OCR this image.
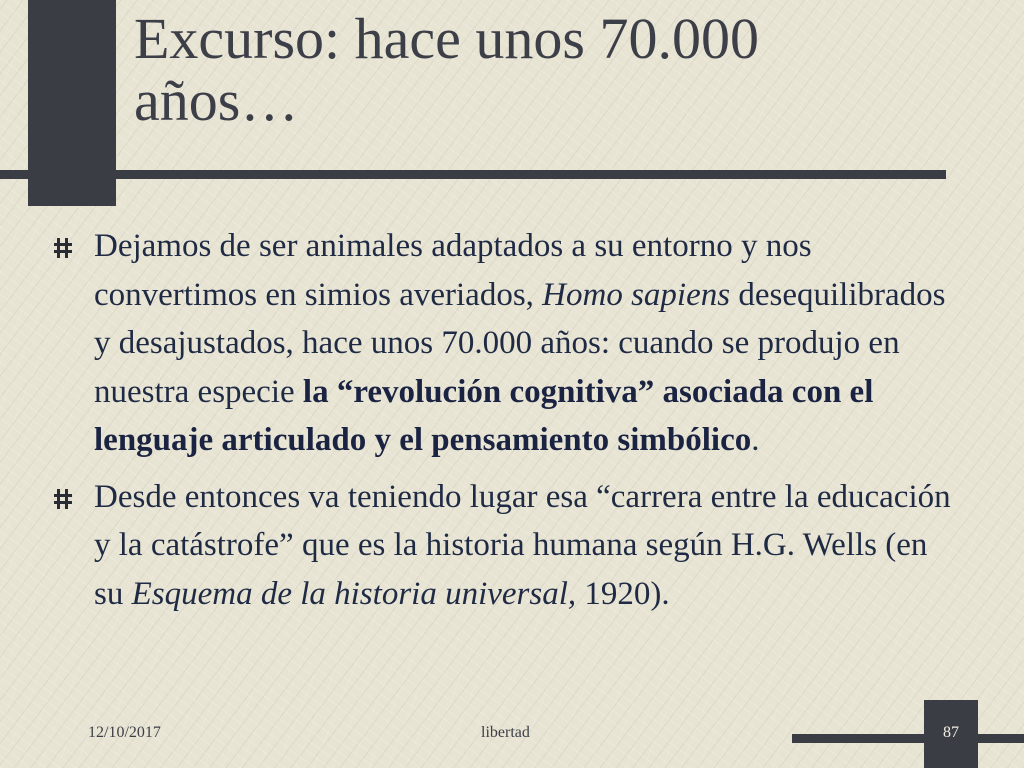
Excurso: hace unos 70.000
años…
Dejamos de ser animales adaptados a su entorno y nos convertimos en simios averiados, Homo sapiens desequilibrados y desajustados, hace unos 70.000 años: cuando se produjo en nuestra especie la “revolución cognitiva” asociada con el lenguaje articulado y el pensamiento simbólico.
Desde entonces va teniendo lugar esa “carrera entre la educación y la catástrofe” que es la historia humana según H.G. Wells (en su Esquema de la historia universal, 1920).
12/10/2017	libertad	87
